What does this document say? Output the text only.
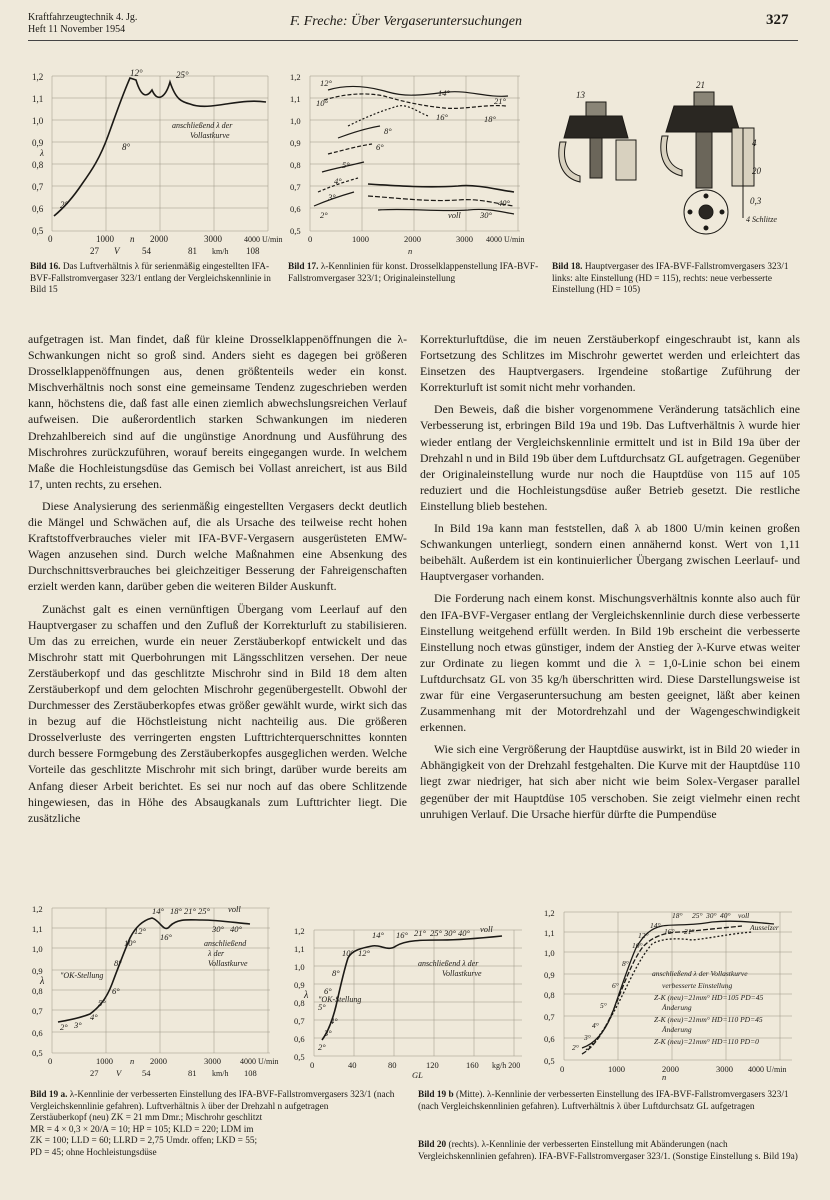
Kraftfahrzeugtechnik 4. Jg.
Heft 11 November 1954
F. Freche: Über Vergaseruntersuchungen	327
1,2
1,1
1,0
0,9
0,8
0,7
0,6
0,5
λ
12°	25°
8°
2°
anschließend λ der
Vollastkurve
0	1000 n 2000	3000	4000 U/min
27 V	54	81 km/h 108
Bild 16. Das Luftverhältnis λ für serienmäßig eingestellten IFA-BVF-Fallstromvergaser 323/1 entlang der Vergleichskennlinie in Bild 15
12°
10°
14°
16°	18°
21°
8°
6°
5°
4°
3°
2°	voll 30°
40°
1,2
1,1
1,0
0,9
0,8
0,7
0,6
0,5
0	1000	2000	3000 4000 U/min
n
Bild 17. λ-Kennlinien für konst. Drosselklappenstellung IFA-BVF-Fallstromvergaser 323/1; Originaleinstellung
13
21
4
20
0,3
4 Schlitze
Bild 18. Hauptvergaser des IFA-BVF-Fallstromvergasers 323/1 links: alte Einstellung (HD = 115), rechts: neue verbesserte Einstellung (HD = 105)

aufgetragen ist. Man findet, daß für kleine Drosselklappenöffnungen die λ-Schwankungen nicht so groß sind. Anders sieht es dagegen bei größeren Drosselklappenöffnungen aus, denen größtenteils weder ein konst. Mischverhältnis noch sonst eine gemeinsame Tendenz zugeschrieben werden kann, höchstens die, daß fast alle einen ziemlich abwechslungsreichen Verlauf aufweisen. Die außerordentlich starken Schwankungen im niederen Drehzahlbereich sind auf die ungünstige Anordnung und Ausführung des Mischrohres zurückzuführen, worauf bereits eingegangen wurde. In welchem Maße die Hochleistungsdüse das Gemisch bei Vollast anreichert, ist aus Bild 17, unten rechts, zu ersehen.

Diese Analysierung des serienmäßig eingestellten Vergasers deckt deutlich die Mängel und Schwächen auf, die als Ursache des teilweise recht hohen Kraftstoffverbrauches vieler mit IFA-BVF-Vergasern ausgerüsteten EMW-Wagen anzusehen sind. Durch welche Maßnahmen eine Absenkung des Durchschnittsverbrauches bei gleichzeitiger Besserung der Fahreigenschaften erzielt werden kann, darüber geben die weiteren Bilder Auskunft.

Zunächst galt es einen vernünftigen Übergang vom Leerlauf auf den Hauptvergaser zu schaffen und den Zufluß der Korrekturluft zu stabilisieren. Um das zu erreichen, wurde ein neuer Zerstäuberkopf entwickelt und das Mischrohr statt mit Querbohrungen mit Längsschlitzen versehen. Der neue Zerstäuberkopf und das geschlitzte Mischrohr sind in Bild 18 dem alten Zerstäuberkopf und dem gelochten Mischrohr gegenübergestellt. Obwohl der Durchmesser des Zerstäuberkopfes etwas größer gewählt wurde, wirkt sich das in bezug auf die Höchstleistung nicht nachteilig aus. Die größeren Drosselverluste des verringerten engsten Lufttrichterquerschnittes konnten durch bessere Formgebung des Zerstäuberkopfes ausgeglichen werden. Welche Vorteile das geschlitzte Mischrohr mit sich bringt, darüber wurde bereits am Anfang dieser Arbeit berichtet. Es sei nur noch auf das obere Schlitzende hingewiesen, das in Höhe des Absaugkanals zum Lufttrichter liegt. Die zusätzliche

Korrekturluftdüse, die im neuen Zerstäuberkopf eingeschraubt ist, kann als Fortsetzung des Schlitzes im Mischrohr gewertet werden und erleichtert das Einsetzen des Hauptvergasers. Irgendeine stoßartige Zuführung der Korrekturluft ist somit nicht mehr vorhanden.

Den Beweis, daß die bisher vorgenommene Veränderung tatsächlich eine Verbesserung ist, erbringen Bild 19a und 19b. Das Luftverhältnis λ wurde hier wieder entlang der Vergleichskennlinie ermittelt und ist in Bild 19a über der Drehzahl n und in Bild 19b über dem Luftdurchsatz GL aufgetragen. Gegenüber der Originaleinstellung wurde nur noch die Hauptdüse von 115 auf 105 reduziert und die Hochleistungsdüse außer Betrieb gesetzt. Die restliche Einstellung blieb bestehen.

In Bild 19a kann man feststellen, daß λ ab 1800 U/min keinen großen Schwankungen unterliegt, sondern einen annähernd konst. Wert von 1,11 beibehält. Außerdem ist ein kontinuierlicher Übergang zwischen Leerlauf- und Hauptvergaser vorhanden.

Die Forderung nach einem konst. Mischungsverhältnis konnte also auch für den IFA-BVF-Vergaser entlang der Vergleichskennlinie durch diese verbesserte Einstellung weitgehend erfüllt werden. In Bild 19b erscheint die verbesserte Einstellung noch etwas günstiger, indem der Anstieg der λ-Kurve etwas weiter zur Ordinate zu liegen kommt und die λ = 1,0-Linie schon bei einem Luftdurchsatz GL von 35 kg/h überschritten wird. Diese Darstellungsweise ist zwar für eine Vergaseruntersuchung am besten geeignet, läßt aber keinen Zusammenhang mit der Motordrehzahl und der Wagengeschwindigkeit erkennen.

Wie sich eine Vergrößerung der Hauptdüse auswirkt, ist in Bild 20 wieder in Abhängigkeit von der Drehzahl festgehalten. Die Kurve mit der Hauptdüse 110 liegt zwar niedriger, hat sich aber nicht wie beim Solex-Vergaser parallel gegenüber der mit Hauptdüse 105 verschoben. Sie zeigt vielmehr einen recht unruhigen Verlauf. Die Ursache hierfür dürfte die Pumpendüse

14°
16°
18° 21° 25° voll
12°
10°
30° 40°
8°
6°
5°
4°
3°
2°
anschließend
λ der
Vollastkurve
"OK-Stellung
1,2
1,1
1,0
0,9
0,8
0,7
0,6
0,5
λ
0	1000 n 2000	3000 4000 U/min
27 V 54	81 km/h 108
14° 16° 21° 25° 30° 40° voll
12°
10°
8°
6°
5°
4°
3°
2°
anschließend λ der
Vollastkurve
"OK-Stellung
1,2
1,1
1,0
0,9
0,8
0,7
0,6
0,5
λ
0	40	80	120	160 kg/h 200
GL
18° 25° 30° 40°
14°
16° 21°
12°
10°
8°
6°
5°
4°
3°
2°
voll
Ausselzer
anschließend λ der Vollastkurve
verbesserte Einstellung
Z-K (neu)=21mm° HD=105 PD=45
Änderung
Z-K (neu)=21mm° HD=110 PD=45
Änderung
Z-K (neu)=21mm° HD=110 PD=0
1,2
1,1
1,0
0,9
0,8
0,7
0,6
0,5
0	1000	2000	3000 4000 U/min
n
Bild 19 a. λ-Kennlinie der verbesserten Einstellung des IFA-BVF-Fallstromvergasers 323/1 (nach Vergleichskennlinie gefahren). Luftverhältnis λ über der Drehzahl n aufgetragen
Zerstäuberkopf (neu) ZK = 21 mm Dmr.; Mischrohr geschlitzt
MR = 4 × 0,3 × 20/A = 10; HP = 105; KLD = 220; LDM im
ZK = 100; LLD = 60; LLRD = 2,75 Umdr. offen; LKD = 55;
PD = 45; ohne Hochleistungsdüse
Bild 19 b (Mitte). λ-Kennlinie der verbesserten Einstellung des IFA-BVF-Fallstromvergasers 323/1 (nach Vergleichskennlinien gefahren). Luftverhältnis λ über Luftdurchsatz GL aufgetragen
Bild 20 (rechts). λ-Kennlinie der verbesserten Einstellung mit Abänderungen (nach Vergleichskennlinien gefahren). IFA-BVF-Fallstromvergaser 323/1. (Sonstige Einstellung s. Bild 19a)
